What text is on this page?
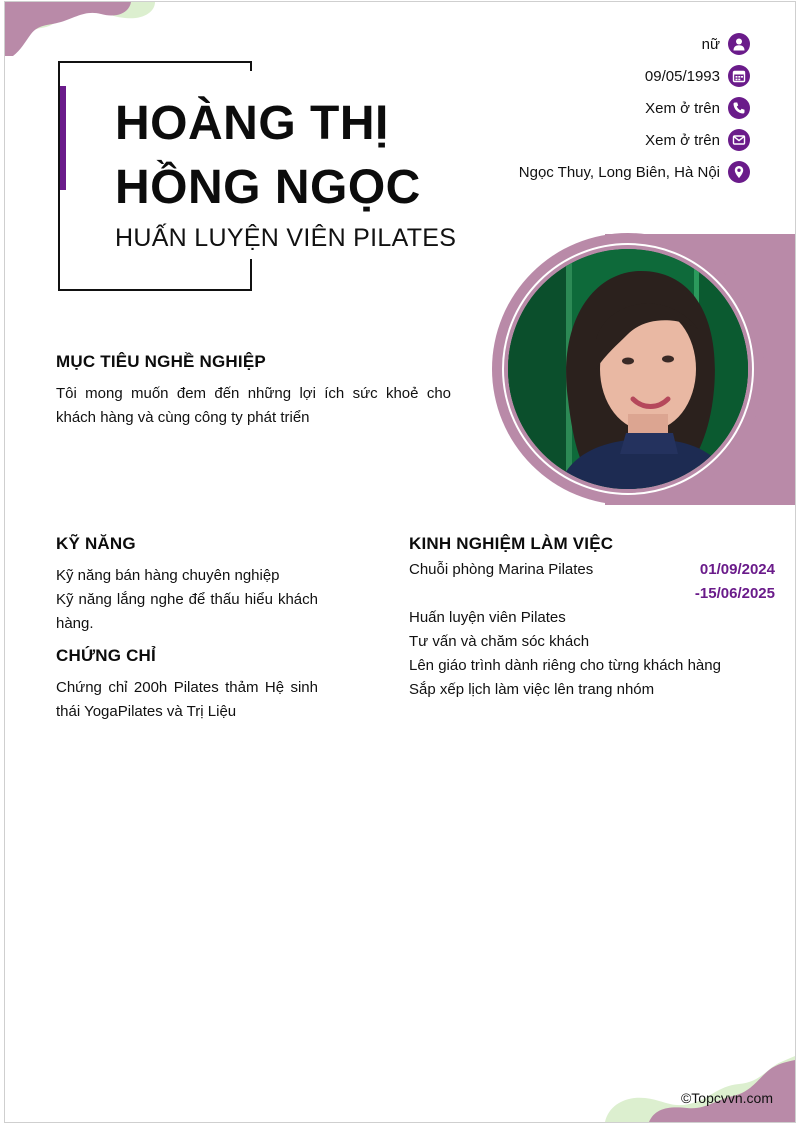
HOÀNG THỊ
HỒNG NGỌC
HUẤN LUYỆN VIÊN PILATES
nữ
09/05/1993
Xem ở trên
Xem ở trên
Ngọc Thuy, Long Biên, Hà Nội
MỤC TIÊU NGHỀ NGHIỆP
Tôi mong muốn đem đến những lợi ích sức khoẻ cho khách hàng và cùng công ty phát triển
KỸ NĂNG
Kỹ năng bán hàng chuyên nghiệp
Kỹ năng lắng nghe để thấu hiểu khách hàng.
CHỨNG CHỈ
Chứng chỉ 200h Pilates thảm Hệ sinh thái YogaPilates và Trị Liệu
KINH NGHIỆM LÀM VIỆC
Chuỗi phòng Marina Pilates	01/09/2024
-15/06/2025
Huấn luyện viên Pilates
Tư vấn và chăm sóc khách
Lên giáo trình dành riêng cho từng khách hàng
Sắp xếp lịch làm việc lên trang nhóm
©Topcvvn.com
